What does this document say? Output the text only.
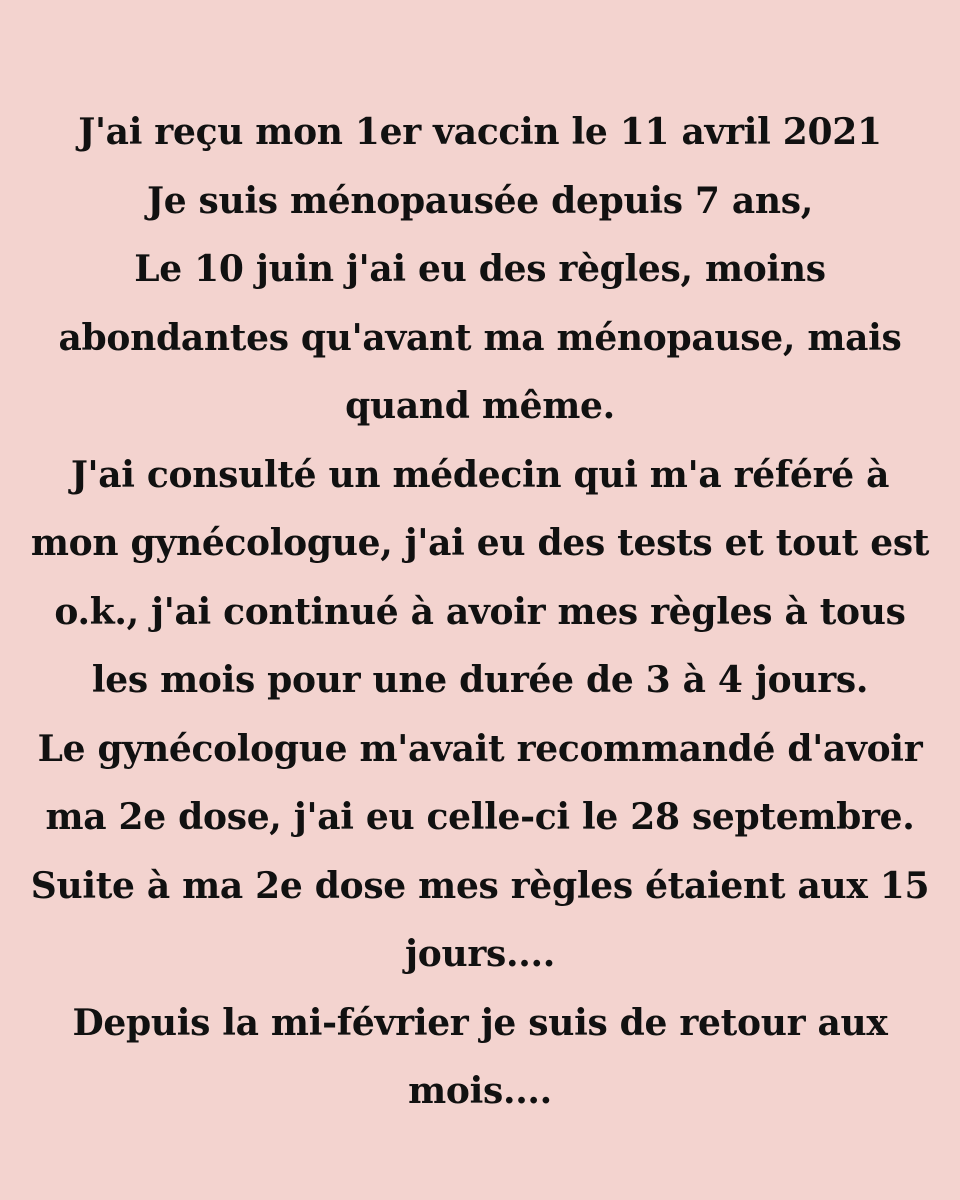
J'ai reçu mon 1er vaccin le 11 avril 2021
Je suis ménopausée depuis 7 ans,
Le 10 juin j'ai eu des règles, moins
abondantes qu'avant ma ménopause, mais
quand même.
J'ai consulté un médecin qui m'a référé à
mon gynécologue, j'ai eu des tests et tout est
o.k., j'ai continué à avoir mes règles à tous
les mois pour une durée de 3 à 4 jours.
Le gynécologue m'avait recommandé d'avoir
ma 2e dose, j'ai eu celle-ci le 28 septembre.
Suite à ma 2e dose mes règles étaient aux 15
jours....
Depuis la mi-février je suis de retour aux
mois....
